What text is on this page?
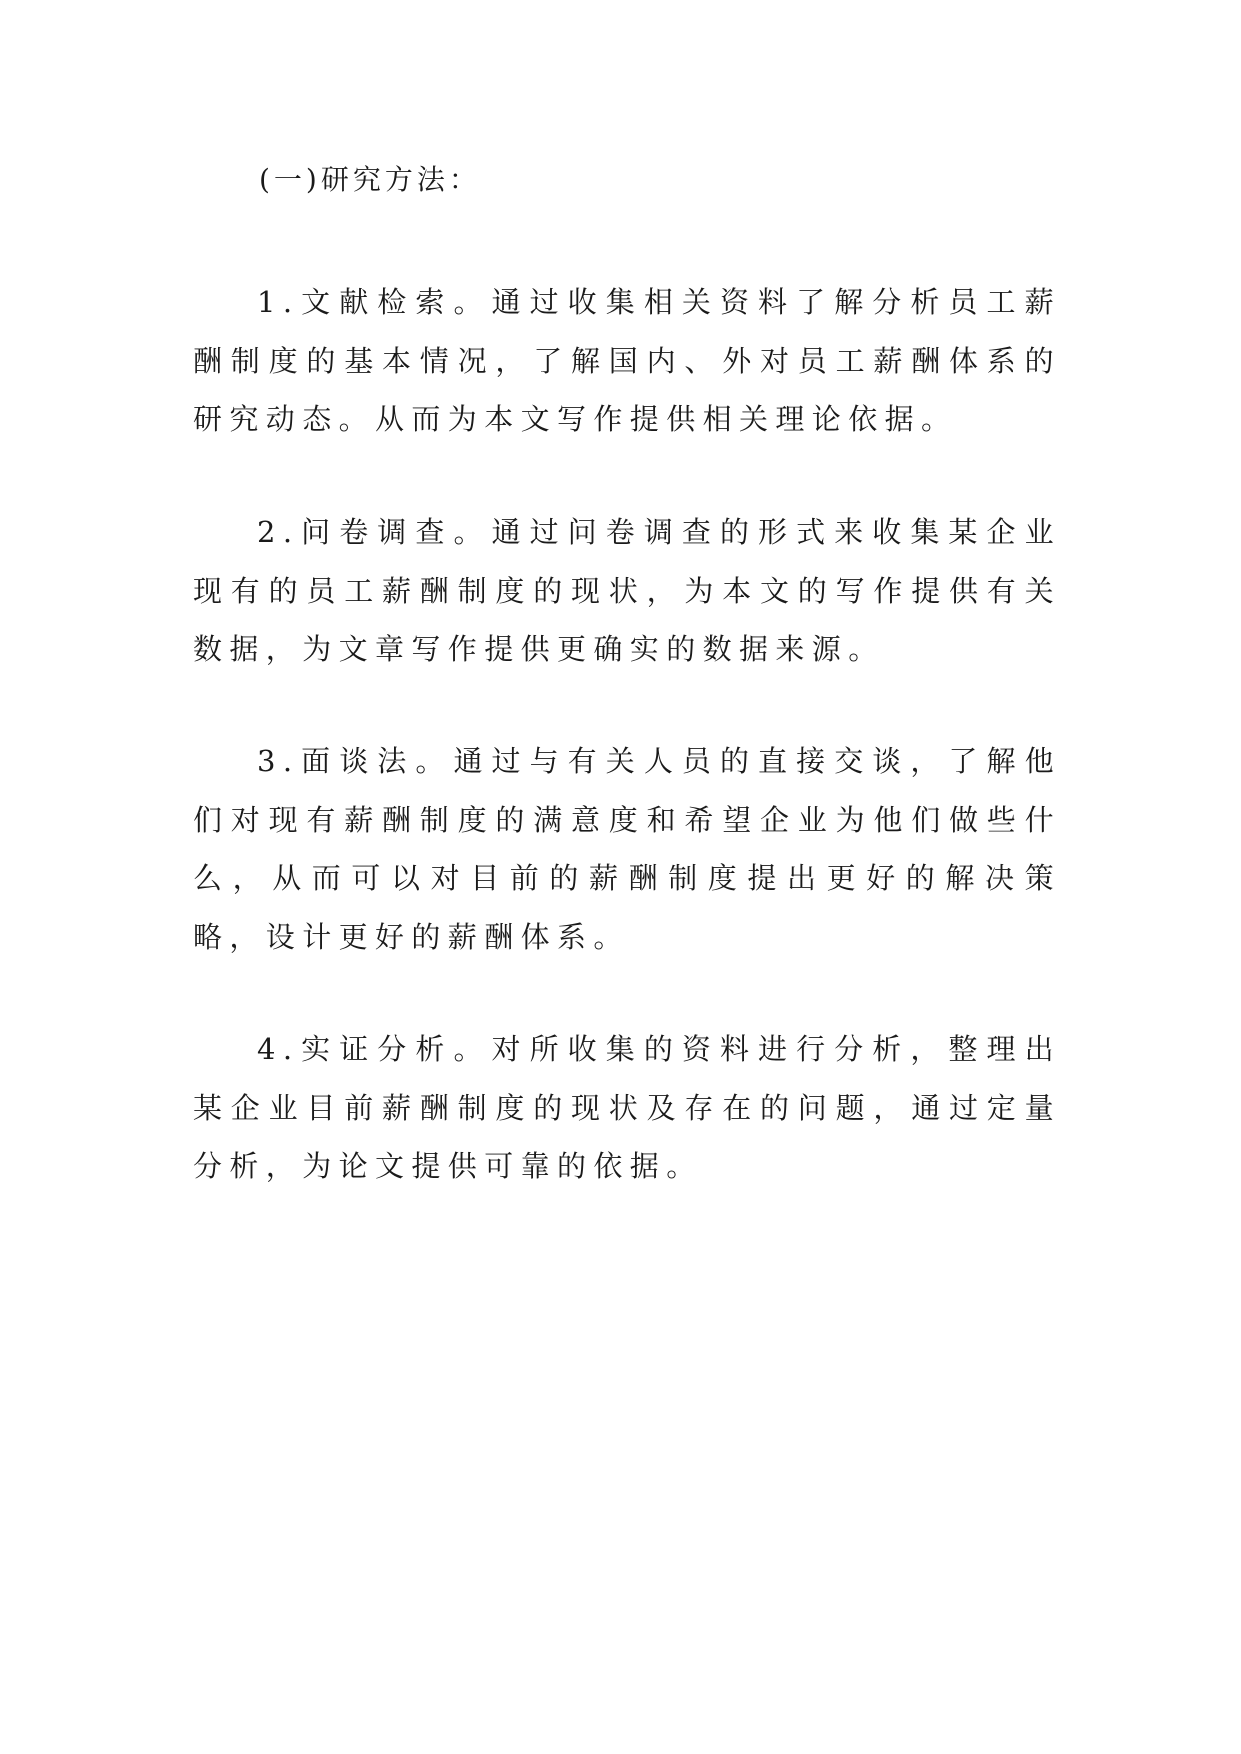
(一)研究方法：

1.文献检索。通过收集相关资料了解分析员工薪酬制度的基本情况，了解国内、外对员工薪酬体系的研究动态。从而为本文写作提供相关理论依据。

2.问卷调查。通过问卷调查的形式来收集某企业现有的员工薪酬制度的现状，为本文的写作提供有关数据，为文章写作提供更确实的数据来源。

3.面谈法。通过与有关人员的直接交谈，了解他们对现有薪酬制度的满意度和希望企业为他们做些什么，从而可以对目前的薪酬制度提出更好的解决策略，设计更好的薪酬体系。

4.实证分析。对所收集的资料进行分析，整理出某企业目前薪酬制度的现状及存在的问题，通过定量分析，为论文提供可靠的依据。
